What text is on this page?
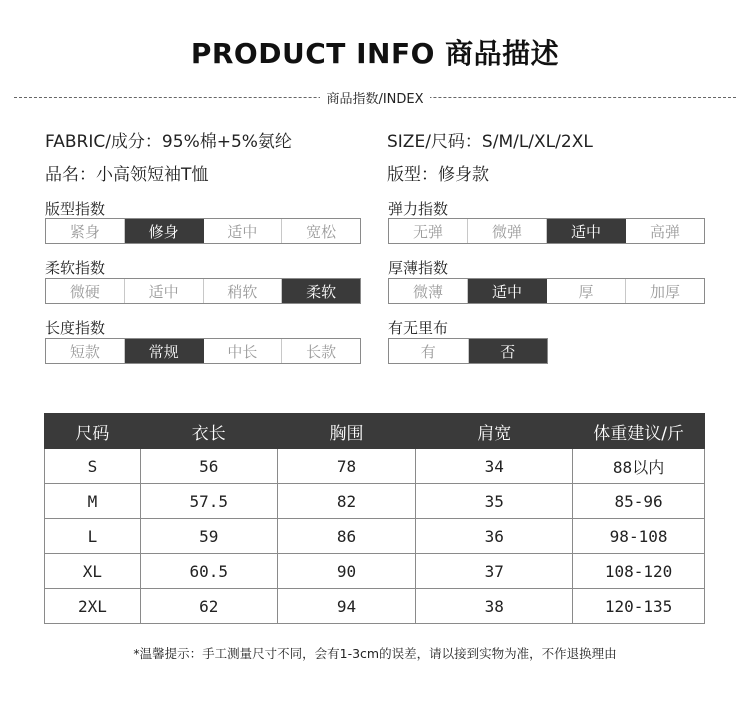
PRODUCT INFO 商品描述
商品指数/INDEX
FABRIC/成分：95%棉+5%氨纶	SIZE/尺码：S/M/L/XL/2XL
品名：小高领短袖T恤	版型：修身款
版型指数
紧身	修身	适中	宽松
弹力指数
无弹	微弹	适中	高弹
柔软指数
微硬	适中	稍软	柔软
厚薄指数
微薄	适中	厚	加厚
长度指数
短款	常规	中长	长款
有无里布
有	否
尺码	衣长	胸围	肩宽	体重建议/斤
S	56	78	34	88以内
M	57.5	82	35	85-96
L	59	86	36	98-108
XL	60.5	90	37	108-120
2XL	62	94	38	120-135
*温馨提示：手工测量尺寸不同，会有1-3cm的误差，请以接到实物为准，不作退换理由
